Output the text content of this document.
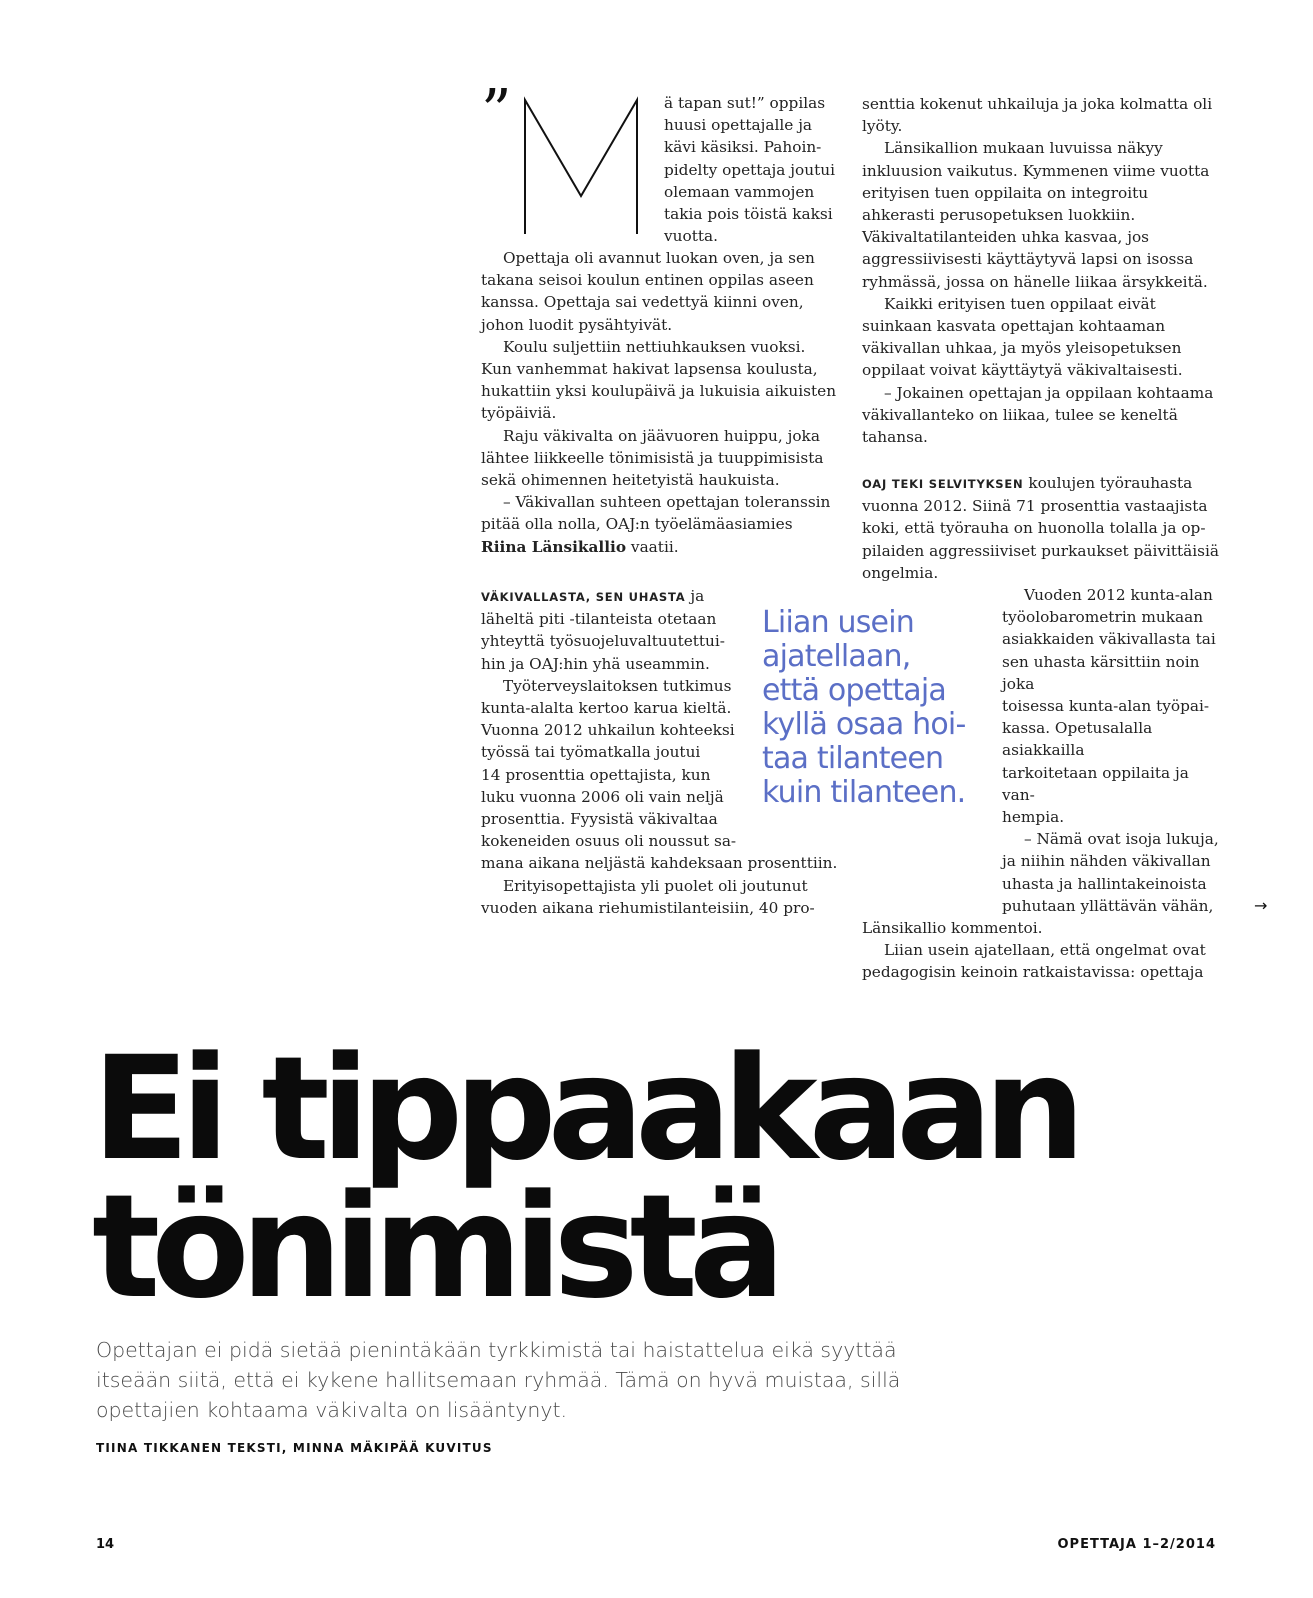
”	ä tapan sut!” oppilas
huusi opettajalle ja
kävi käsiksi. Pahoin-
pidelty opettaja joutui
olemaan vammojen
takia pois töistä kaksi
vuotta.

Opettaja oli avannut luokan oven, ja sen takana seisoi koulun entinen oppilas aseen kanssa. Opettaja sai vedettyä kiinni oven, johon luodit pysähtyivät.

Koulu suljettiin nettiuhkauksen vuoksi. Kun vanhemmat hakivat lapsensa koulusta, hukattiin yksi koulupäivä ja lukuisia aikuisten työpäiviä.

Raju väkivalta on jäävuoren huippu, joka lähtee liikkeelle tönimisistä ja tuuppimisista sekä ohimennen heitetyistä haukuista.

– Väkivallan suhteen opettajan toleranssin pitää olla nolla, OAJ:n työelämäasiamies Riina Länsikallio vaatii.

VÄKIVALLASTA, SEN UHASTA ja
läheltä piti -tilanteista otetaan
yhteyttä työsuojeluvaltuutettui-
hin ja OAJ:hin yhä useammin.
Työterveyslaitoksen tutkimus
kunta-alalta kertoo karua kieltä.
Vuonna 2012 uhkailun kohteeksi
työssä tai työmatkalla joutui
14 prosenttia opettajista, kun
luku vuonna 2006 oli vain neljä
prosenttia. Fyysistä väkivaltaa
kokeneiden osuus oli noussut sa-
mana aikana neljästä kahdeksaan prosenttiin.
Erityisopettajista yli puolet oli joutunut
vuoden aikana riehumistilanteisiin, 40 pro-

senttia kokenut uhkailuja ja joka kolmatta oli lyöty.

Länsikallion mukaan luvuissa näkyy inkluusion vaikutus. Kymmenen viime vuotta erityisen tuen oppilaita on integroitu ahkerasti perusopetuksen luokkiin. Väkivaltatilanteiden uhka kasvaa, jos aggressiivisesti käyttäytyvä lapsi on isossa ryhmässä, jossa on hänelle liikaa ärsykkeitä.

Kaikki erityisen tuen oppilaat eivät suinkaan kasvata opettajan kohtaaman väkivallan uhkaa, ja myös yleisopetuksen oppilaat voivat käyttäytyä väkivaltaisesti.

– Jokainen opettajan ja oppilaan kohtaama väkivallanteko on liikaa, tulee se keneltä tahansa.

OAJ TEKI SELVITYKSEN koulujen työrauhasta
vuonna 2012. Siinä 71 prosenttia vastaajista
koki, että työrauha on huonolla tolalla ja op-
pilaiden aggressiiviset purkaukset päivittäisiä
ongelmia.
Vuoden 2012 kunta-alan
työolobarometrin mukaan
asiakkaiden väkivallasta tai
sen uhasta kärsittiin noin joka
toisessa kunta-alan työpai-
kassa. Opetusalalla asiakkailla
tarkoitetaan oppilaita ja van-
hempia.
– Nämä ovat isoja lukuja,
ja niihin nähden väkivallan
uhasta ja hallintakeinoista
puhutaan yllättävän vähän,
Länsikallio kommentoi.
Liian usein ajatellaan, että ongelmat ovat
pedagogisin keinoin ratkaistavissa: opettaja
Liian usein
ajatellaan,
että opettaja
kyllä osaa hoi-
taa tilanteen
kuin tilanteen.
→
Ei tippaakaan
tönimistä
Opettajan ei pidä sietää pienintäkään tyrkkimistä tai haistattelua eikä syyttää itseään siitä, että ei kykene hallitsemaan ryhmää. Tämä on hyvä muistaa, sillä opettajien kohtaama väkivalta on lisääntynyt.
TIINA TIKKANEN TEKSTI, MINNA MÄKIPÄÄ KUVITUS
14	OPETTAJA 1–2/2014
